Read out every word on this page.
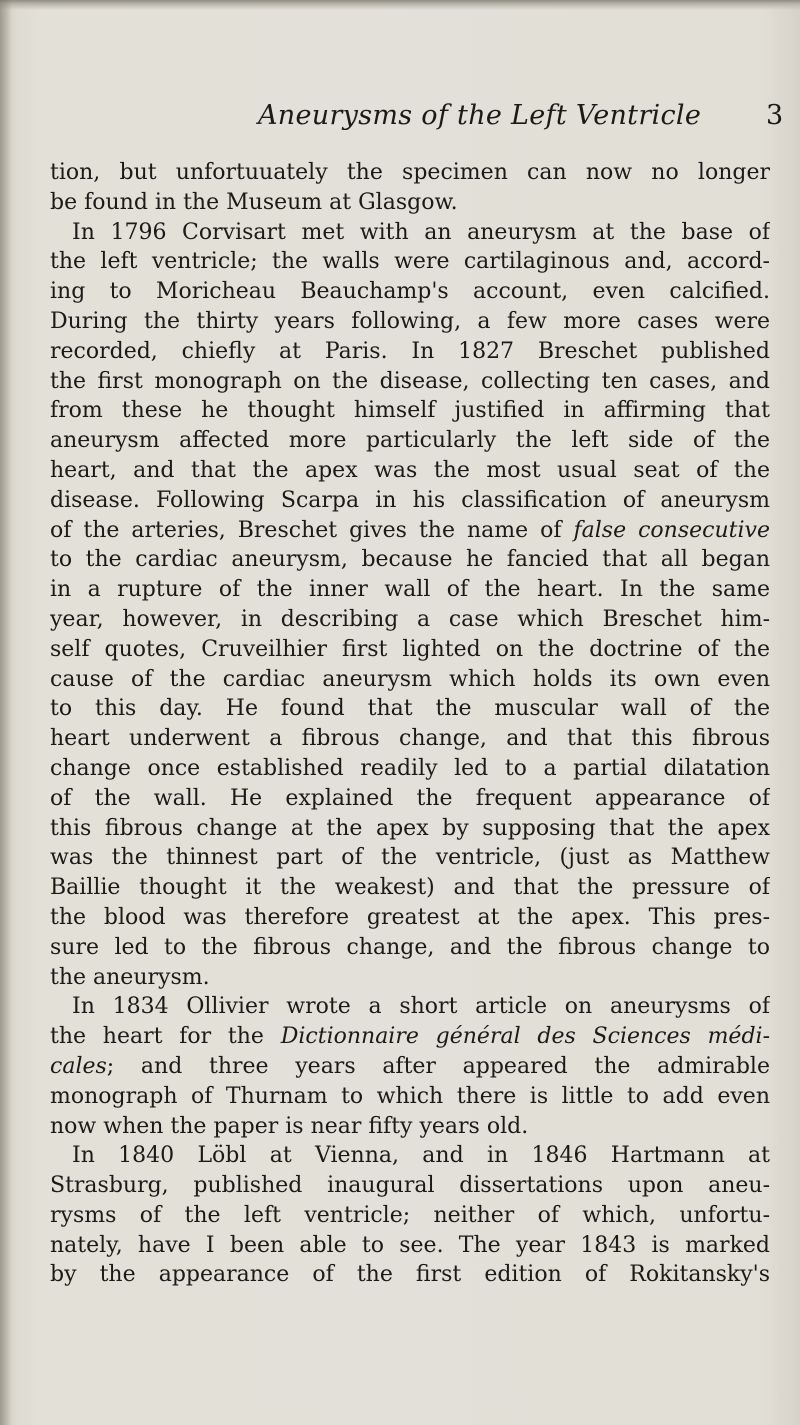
Aneurysms of the Left Ventricle 3
tion, but unfortuuately the specimen can now no longer
be found in the Museum at Glasgow.
In 1796 Corvisart met with an aneurysm at the base of
the left ventricle; the walls were cartilaginous and, accord-
ing to Moricheau Beauchamp's account, even calcified.
During the thirty years following, a few more cases were
recorded, chiefly at Paris. In 1827 Breschet published
the first monograph on the disease, collecting ten cases, and
from these he thought himself justified in affirming that
aneurysm affected more particularly the left side of the
heart, and that the apex was the most usual seat of the
disease. Following Scarpa in his classification of aneurysm
of the arteries, Breschet gives the name of false consecutive
to the cardiac aneurysm, because he fancied that all began
in a rupture of the inner wall of the heart. In the same
year, however, in describing a case which Breschet him-
self quotes, Cruveilhier first lighted on the doctrine of the
cause of the cardiac aneurysm which holds its own even
to this day. He found that the muscular wall of the
heart underwent a fibrous change, and that this fibrous
change once established readily led to a partial dilatation
of the wall. He explained the frequent appearance of
this fibrous change at the apex by supposing that the apex
was the thinnest part of the ventricle, (just as Matthew
Baillie thought it the weakest) and that the pressure of
the blood was therefore greatest at the apex. This pres-
sure led to the fibrous change, and the fibrous change to
the aneurysm.
In 1834 Ollivier wrote a short article on aneurysms of
the heart for the Dictionnaire général des Sciences médi-
cales; and three years after appeared the admirable
monograph of Thurnam to which there is little to add even
now when the paper is near fifty years old.
In 1840 Löbl at Vienna, and in 1846 Hartmann at
Strasburg, published inaugural dissertations upon aneu-
rysms of the left ventricle; neither of which, unfortu-
nately, have I been able to see. The year 1843 is marked
by the appearance of the first edition of Rokitansky's
